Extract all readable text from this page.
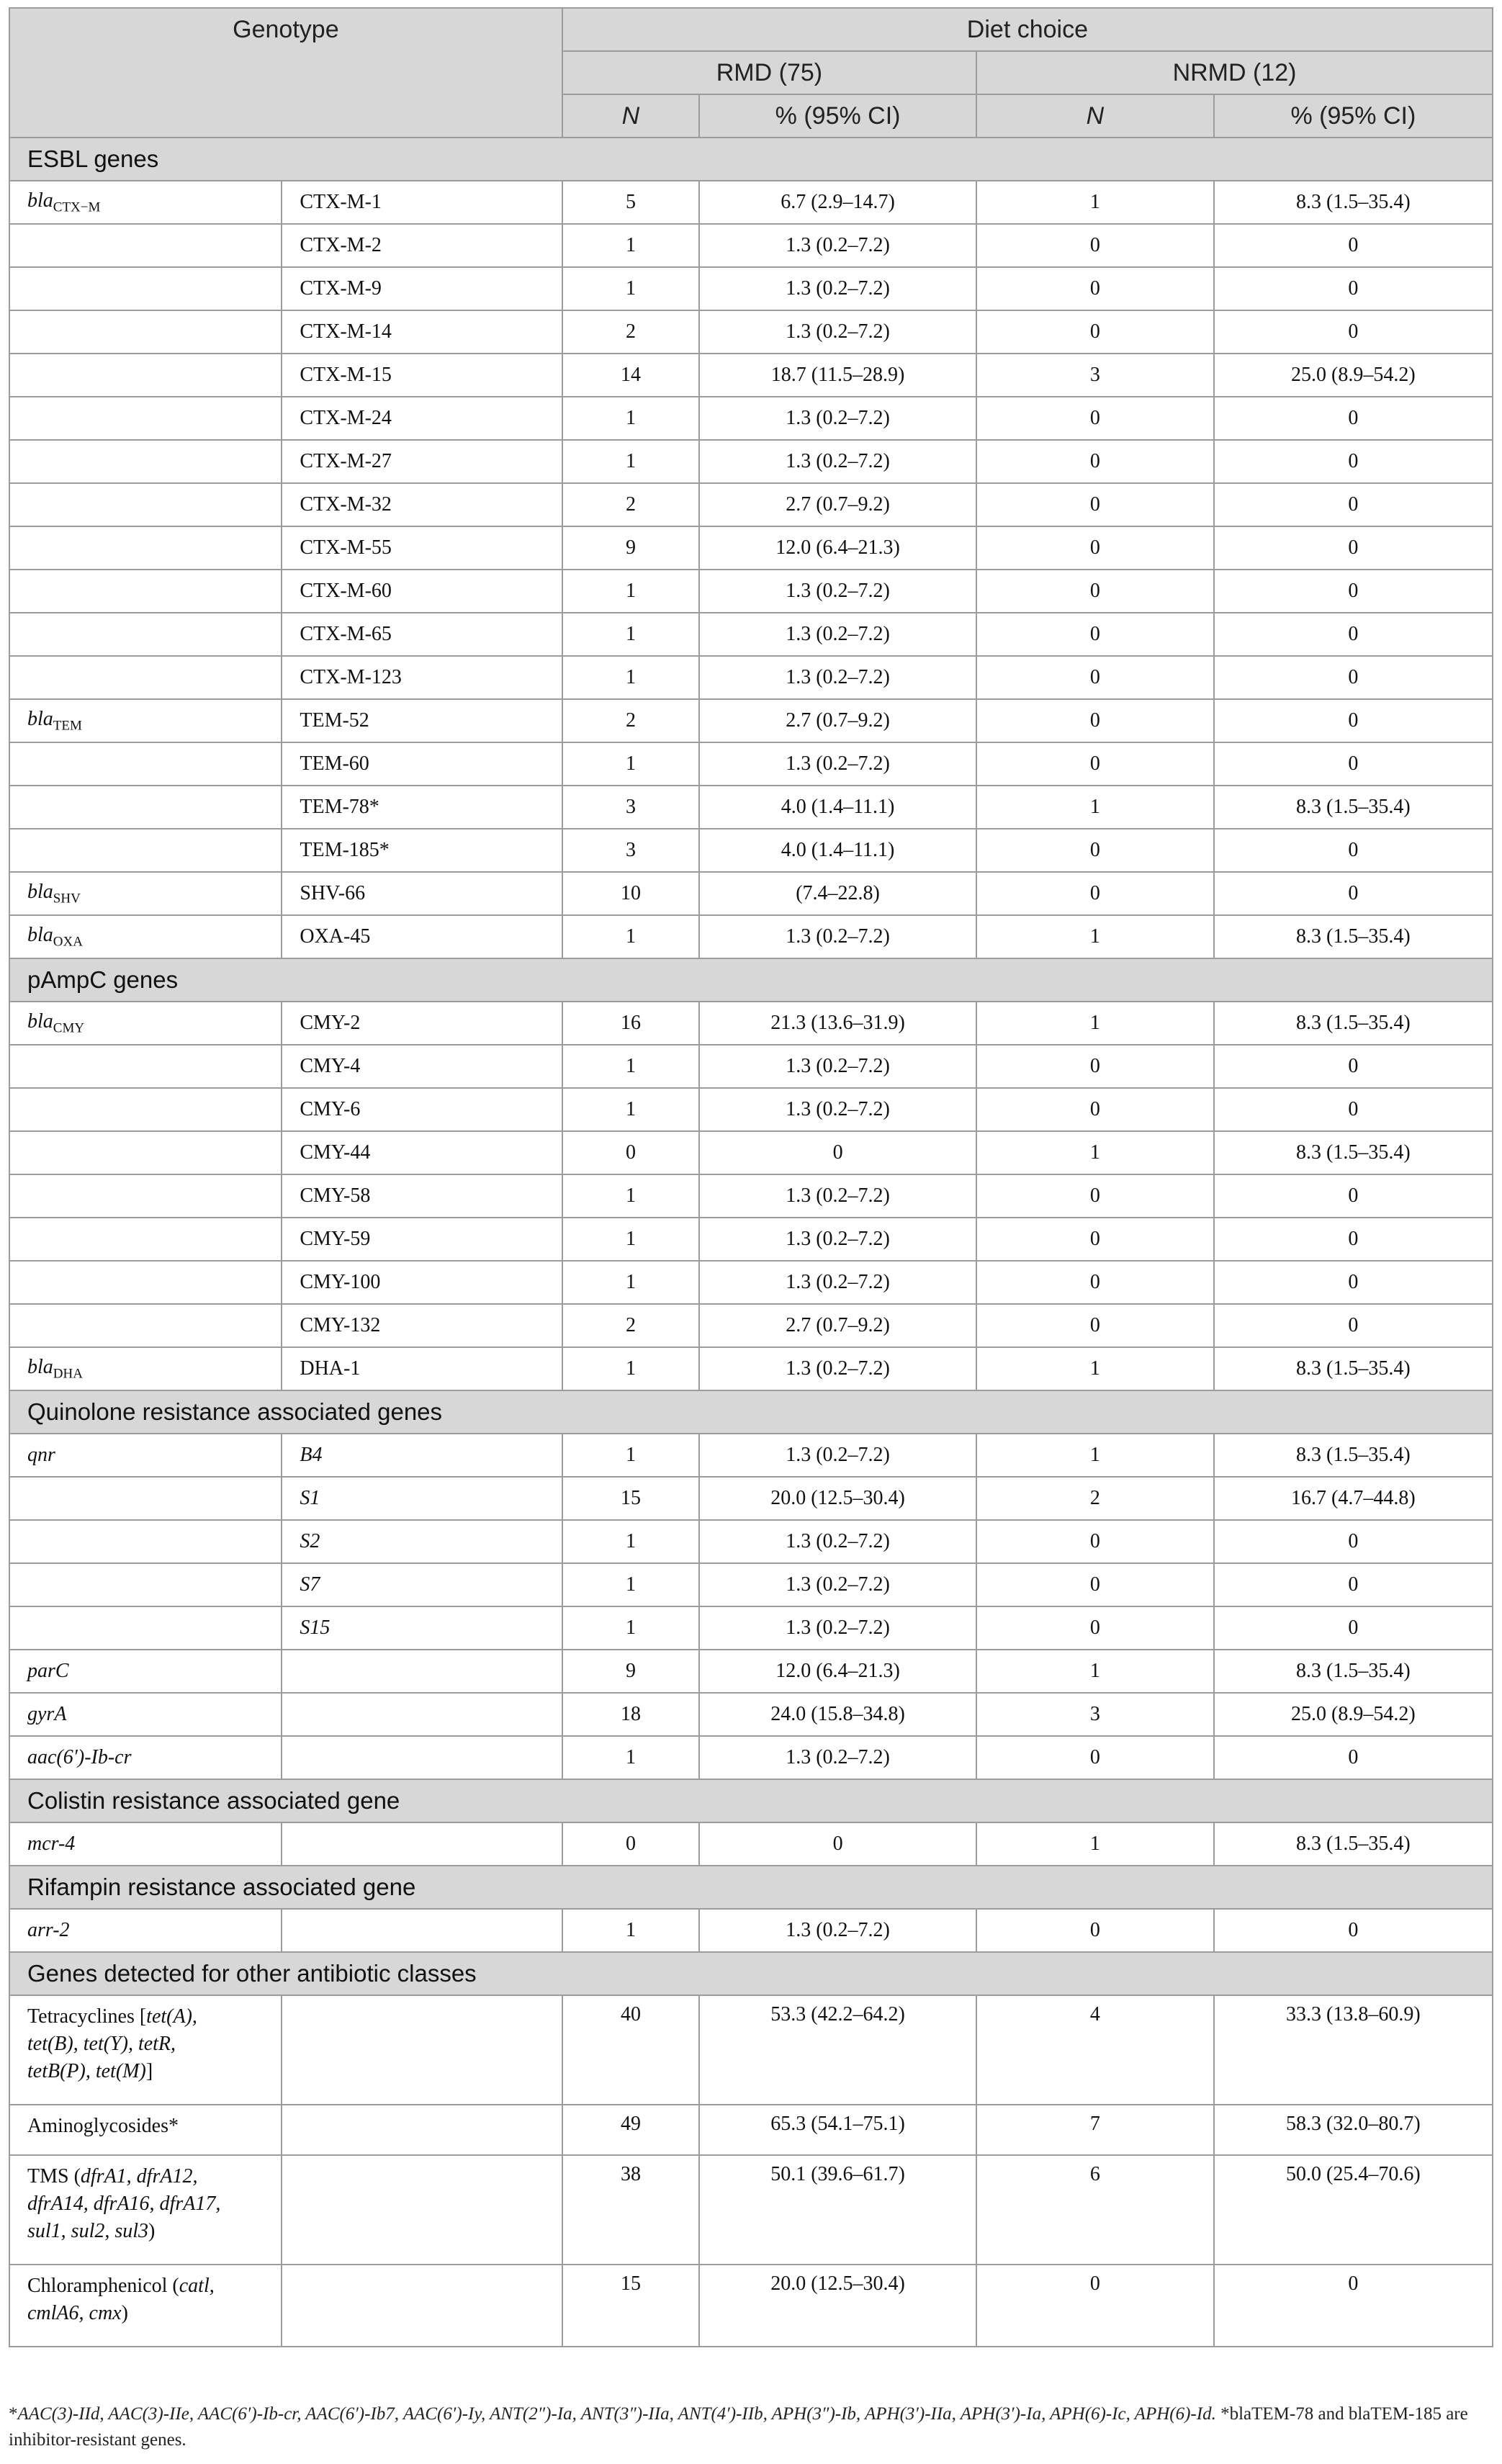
Genotype		Diet choice			
		RMD (75)		NRMD (12)	
		N	% (95% CI)	N	% (95% CI)
ESBL genes					
bla$_{CTX-M}$	CTX-M-1	5	6.7 (2.9–14.7)	1	8.3 (1.5–35.4)
	CTX-M-2	1	1.3 (0.2–7.2)	0	0
	CTX-M-9	1	1.3 (0.2–7.2)	0	0
	CTX-M-14	2	1.3 (0.2–7.2)	0	0
	CTX-M-15	14	18.7 (11.5–28.9)	3	25.0 (8.9–54.2)
	CTX-M-24	1	1.3 (0.2–7.2)	0	0
	CTX-M-27	1	1.3 (0.2–7.2)	0	0
	CTX-M-32	2	2.7 (0.7–9.2)	0	0
	CTX-M-55	9	12.0 (6.4–21.3)	0	0
	CTX-M-60	1	1.3 (0.2–7.2)	0	0
	CTX-M-65	1	1.3 (0.2–7.2)	0	0
	CTX-M-123	1	1.3 (0.2–7.2)	0	0
bla$_{TEM}$	TEM-52	2	2.7 (0.7–9.2)	0	0
	TEM-60	1	1.3 (0.2–7.2)	0	0
	TEM-78*	3	4.0 (1.4–11.1)	1	8.3 (1.5–35.4)
	TEM-185*	3	4.0 (1.4–11.1)	0	0
bla$_{SHV}$	SHV-66	10	(7.4–22.8)	0	0
bla$_{OXA}$	OXA-45	1	1.3 (0.2–7.2)	1	8.3 (1.5–35.4)
pAmpC genes					
bla$_{CMY}$	CMY-2	16	21.3 (13.6–31.9)	1	8.3 (1.5–35.4)
	CMY-4	1	1.3 (0.2–7.2)	0	0
	CMY-6	1	1.3 (0.2–7.2)	0	0
	CMY-44	0	0	1	8.3 (1.5–35.4)
	CMY-58	1	1.3 (0.2–7.2)	0	0
	CMY-59	1	1.3 (0.2–7.2)	0	0
	CMY-100	1	1.3 (0.2–7.2)	0	0
	CMY-132	2	2.7 (0.7–9.2)	0	0
bla$_{DHA}$	DHA-1	1	1.3 (0.2–7.2)	1	8.3 (1.5–35.4)
Quinolone resistance associated genes					
qnr	B4	1	1.3 (0.2–7.2)	1	8.3 (1.5–35.4)
	S1	15	20.0 (12.5–30.4)	2	16.7 (4.7–44.8)
	S2	1	1.3 (0.2–7.2)	0	0
	S7	1	1.3 (0.2–7.2)	0	0
	S15	1	1.3 (0.2–7.2)	0	0
parC		9	12.0 (6.4–21.3)	1	8.3 (1.5–35.4)
gyrA		18	24.0 (15.8–34.8)	3	25.0 (8.9–54.2)
aac(6′)-Ib-cr		1	1.3 (0.2–7.2)	0	0
Colistin resistance associated gene					
mcr-4		0	0	1	8.3 (1.5–35.4)
Rifampin resistance associated gene					
arr-2		1	1.3 (0.2–7.2)	0	0
Genes detected for other antibiotic classes					
Tetracyclines [tet(A),
tet(B), tet(Y), tetR,
tetB(P), tet(M)]		40	53.3 (42.2–64.2)	4	33.3 (13.8–60.9)
Aminoglycosides*		49	65.3 (54.1–75.1)	7	58.3 (32.0–80.7)
TMS (dfrA1, dfrA12,
dfrA14, dfrA16, dfrA17,
sul1, sul2, sul3)		38	50.1 (39.6–61.7)	6	50.0 (25.4–70.6)
Chloramphenicol (catl,
cmlA6, cmx)		15	20.0 (12.5–30.4)	0	0
*AAC(3)-IId, AAC(3)-IIe, AAC(6′)-Ib-cr, AAC(6′)-Ib7, AAC(6′)-Iy, ANT(2″)-Ia, ANT(3″)-IIa, ANT(4′)-IIb, APH(3″)-Ib, APH(3′)-IIa, APH(3′)-Ia, APH(6)-Ic, APH(6)-Id. *blaTEM-78 and blaTEM-185 are inhibitor-resistant genes.
